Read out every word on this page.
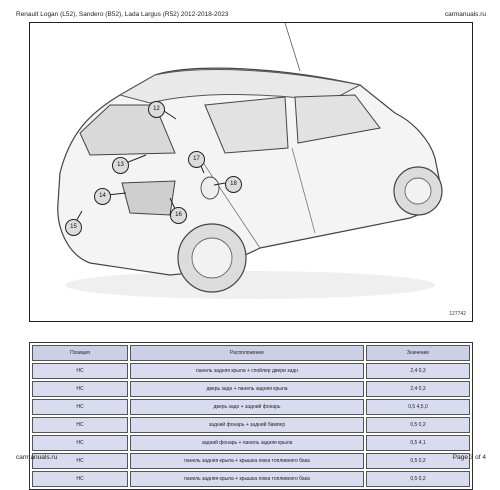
Renault Logan (L52), Sandero (B52), Lada Largus (R52) 2012-2018-2023	carmanuals.ru
12
13
14
15
16
17
18
127742
Позиция	Расположение	Значение
НС	панель задняя крыла + спойлер двери задн	2,4 0,3
НС	дверь задн + панель задняя крыла	2,4 0,3
НС	дверь задн + задний фонарь	0,5 4,5,0
НС	задний фонарь + задний бампер	0,5 0,2
НС	задний фонарь + панель задняя крыла	0,5 4,1
НС	панель задняя крыла + крышка люка топливного бака	0,5 0,2
НС	панель задняя крыла + крышка люка топливного бака	0,5 0,2
carmanuals.ru	Page 3 of 4
